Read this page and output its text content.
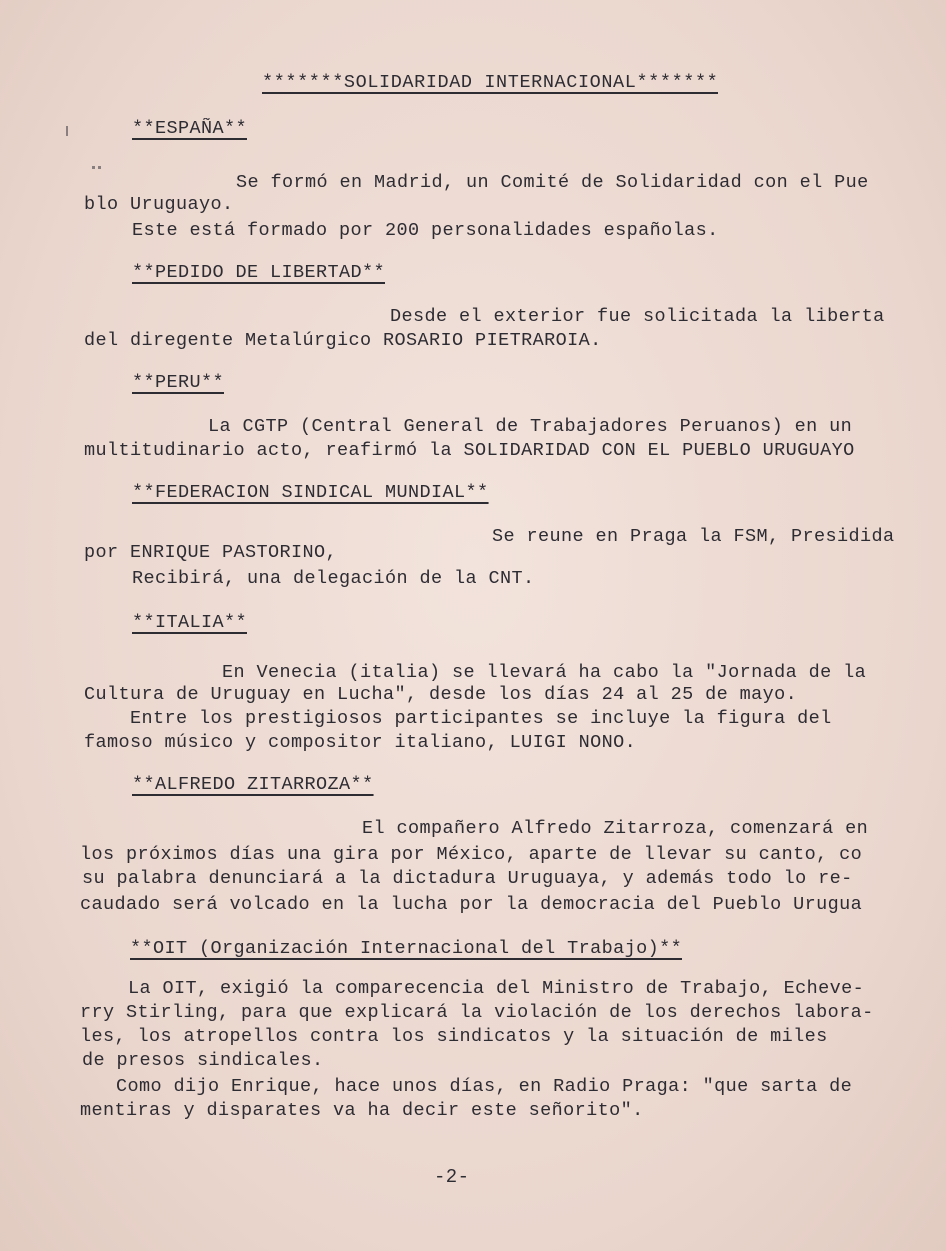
*******SOLIDARIDAD INTERNACIONAL*******
**ESPAÑA**
Se formó en Madrid, un Comité de Solidaridad con el Pue
blo Uruguayo.
Este está formado por 200 personalidades españolas.
**PEDIDO DE LIBERTAD**
Desde el exterior fue solicitada la liberta
del diregente Metalúrgico ROSARIO PIETRAROIA.
**PERU**
La CGTP (Central General de Trabajadores Peruanos) en un
multitudinario acto, reafirmó la SOLIDARIDAD CON EL PUEBLO URUGUAYO
**FEDERACION SINDICAL MUNDIAL**
Se reune en Praga la FSM, Presidida
por ENRIQUE PASTORINO,
Recibirá, una delegación de la CNT.
**ITALIA**
En Venecia (italia) se llevará ha cabo la "Jornada de la
Cultura de Uruguay en Lucha", desde los días 24 al 25 de mayo.
Entre los prestigiosos participantes se incluye la figura del
famoso músico y compositor italiano, LUIGI NONO.
**ALFREDO ZITARROZA**
El compañero Alfredo Zitarroza, comenzará en
los próximos días una gira por México, aparte de llevar su canto, co
su palabra denunciará a la dictadura Uruguaya, y además todo lo re-
caudado será volcado en la lucha por la democracia del Pueblo Urugua
**OIT (Organización Internacional del Trabajo)**
La OIT, exigió la comparecencia del Ministro de Trabajo, Echeve-
rry Stirling, para que explicará la violación de los derechos labora-
les, los atropellos contra los sindicatos y la situación de miles
de presos sindicales.
Como dijo Enrique, hace unos días, en Radio Praga: "que sarta de
mentiras y disparates va ha decir este señorito".
-2-
